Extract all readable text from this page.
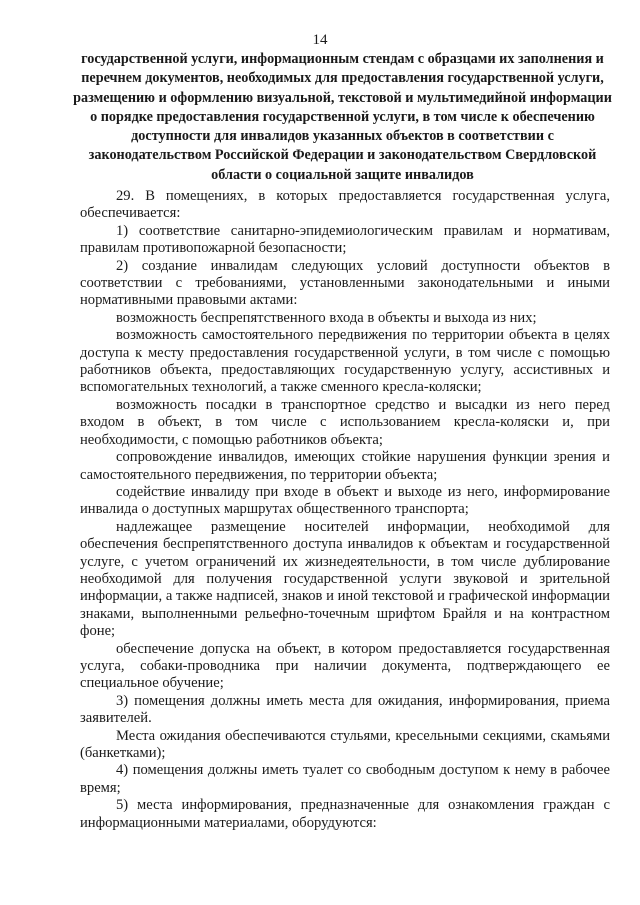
14
государственной услуги, информационным стендам с образцами их заполнения и перечнем документов, необходимых для предоставления государственной услуги, размещению и оформлению визуальной, текстовой и мультимедийной информации о порядке предоставления государственной услуги, в том числе к обеспечению доступности для инвалидов указанных объектов в соответствии с законодательством Российской Федерации и законодательством Свердловской области о социальной защите инвалидов

29. В помещениях, в которых предоставляется государственная услуга, обеспечивается:

1) соответствие санитарно-эпидемиологическим правилам и нормативам, правилам противопожарной безопасности;

2) создание инвалидам следующих условий доступности объектов в соответствии с требованиями, установленными законодательными и иными нормативными правовыми актами:

возможность беспрепятственного входа в объекты и выхода из них;

возможность самостоятельного передвижения по территории объекта в целях доступа к месту предоставления государственной услуги, в том числе с помощью работников объекта, предоставляющих государственную услугу, ассистивных и вспомогательных технологий, а также сменного кресла-коляски;

возможность посадки в транспортное средство и высадки из него перед входом в объект, в том числе с использованием кресла-коляски и, при необходимости, с помощью работников объекта;

сопровождение инвалидов, имеющих стойкие нарушения функции зрения и самостоятельного передвижения, по территории объекта;

содействие инвалиду при входе в объект и выходе из него, информирование инвалида о доступных маршрутах общественного транспорта;

надлежащее размещение носителей информации, необходимой для обеспечения беспрепятственного доступа инвалидов к объектам и государственной услуге, с учетом ограничений их жизнедеятельности, в том числе дублирование необходимой для получения государственной услуги звуковой и зрительной информации, а также надписей, знаков и иной текстовой и графической информации знаками, выполненными рельефно-точечным шрифтом Брайля и на контрастном фоне;

обеспечение допуска на объект, в котором предоставляется государственная услуга, собаки-проводника при наличии документа, подтверждающего ее специальное обучение;

3) помещения должны иметь места для ожидания, информирования, приема заявителей.

Места ожидания обеспечиваются стульями, кресельными секциями, скамьями (банкетками);

4) помещения должны иметь туалет со свободным доступом к нему в рабочее время;

5) места информирования, предназначенные для ознакомления граждан с информационными материалами, оборудуются:
